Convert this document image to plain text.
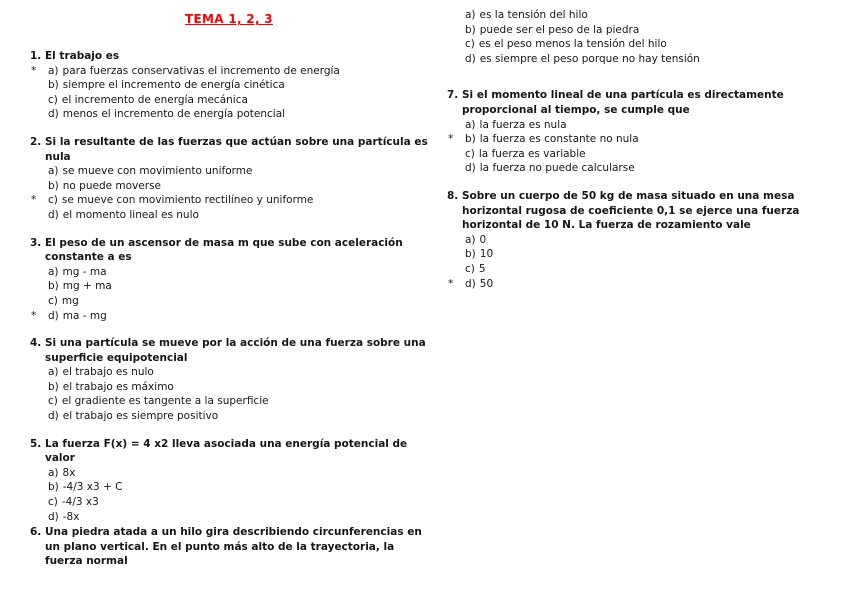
TEMA 1, 2, 3
1. El trabajo es
*	a) para fuerzas conservativas el incremento de energía
b) siempre el incremento de energía cinética
c) el incremento de energía mecánica
d) menos el incremento de energía potencial
2. Si la resultante de las fuerzas que actúan sobre una partícula es nula
a) se mueve con movimiento uniforme
b) no puede moverse
*	c) se mueve con movimiento rectilíneo y uniforme
d) el momento lineal es nulo
3. El peso de un ascensor de masa m que sube con aceleración constante a es
a) mg - ma
b) mg + ma
c) mg
*	d) ma - mg
4. Si una partícula se mueve por la acción de una fuerza sobre una superficie equipotencial
a) el trabajo es nulo
b) el trabajo es máximo
c) el gradiente es tangente a la superficie
d) el trabajo es siempre positivo
5. La fuerza F(x) = 4 x2 lleva asociada una energía potencial de valor
a) 8x
b) -4/3 x3 + C
c) -4/3 x3
d) -8x
6. Una piedra atada a un hilo gira describiendo circunferencias en un plano vertical. En el punto más alto de la trayectoria, la fuerza normal
a) es la tensión del hilo
b) puede ser el peso de la piedra
c) es el peso menos la tensión del hilo
d) es siempre el peso porque no hay tensión
7. Si el momento lineal de una partícula es directamente proporcional al tiempo, se cumple que
a) la fuerza es nula
*	b) la fuerza es constante no nula
c) la fuerza es variable
d) la fuerza no puede calcularse
8. Sobre un cuerpo de 50 kg de masa situado en una mesa horizontal rugosa de coeficiente 0,1 se ejerce una fuerza horizontal de 10 N. La fuerza de rozamiento vale
a) 0
b) 10
c) 5
*	d) 50
